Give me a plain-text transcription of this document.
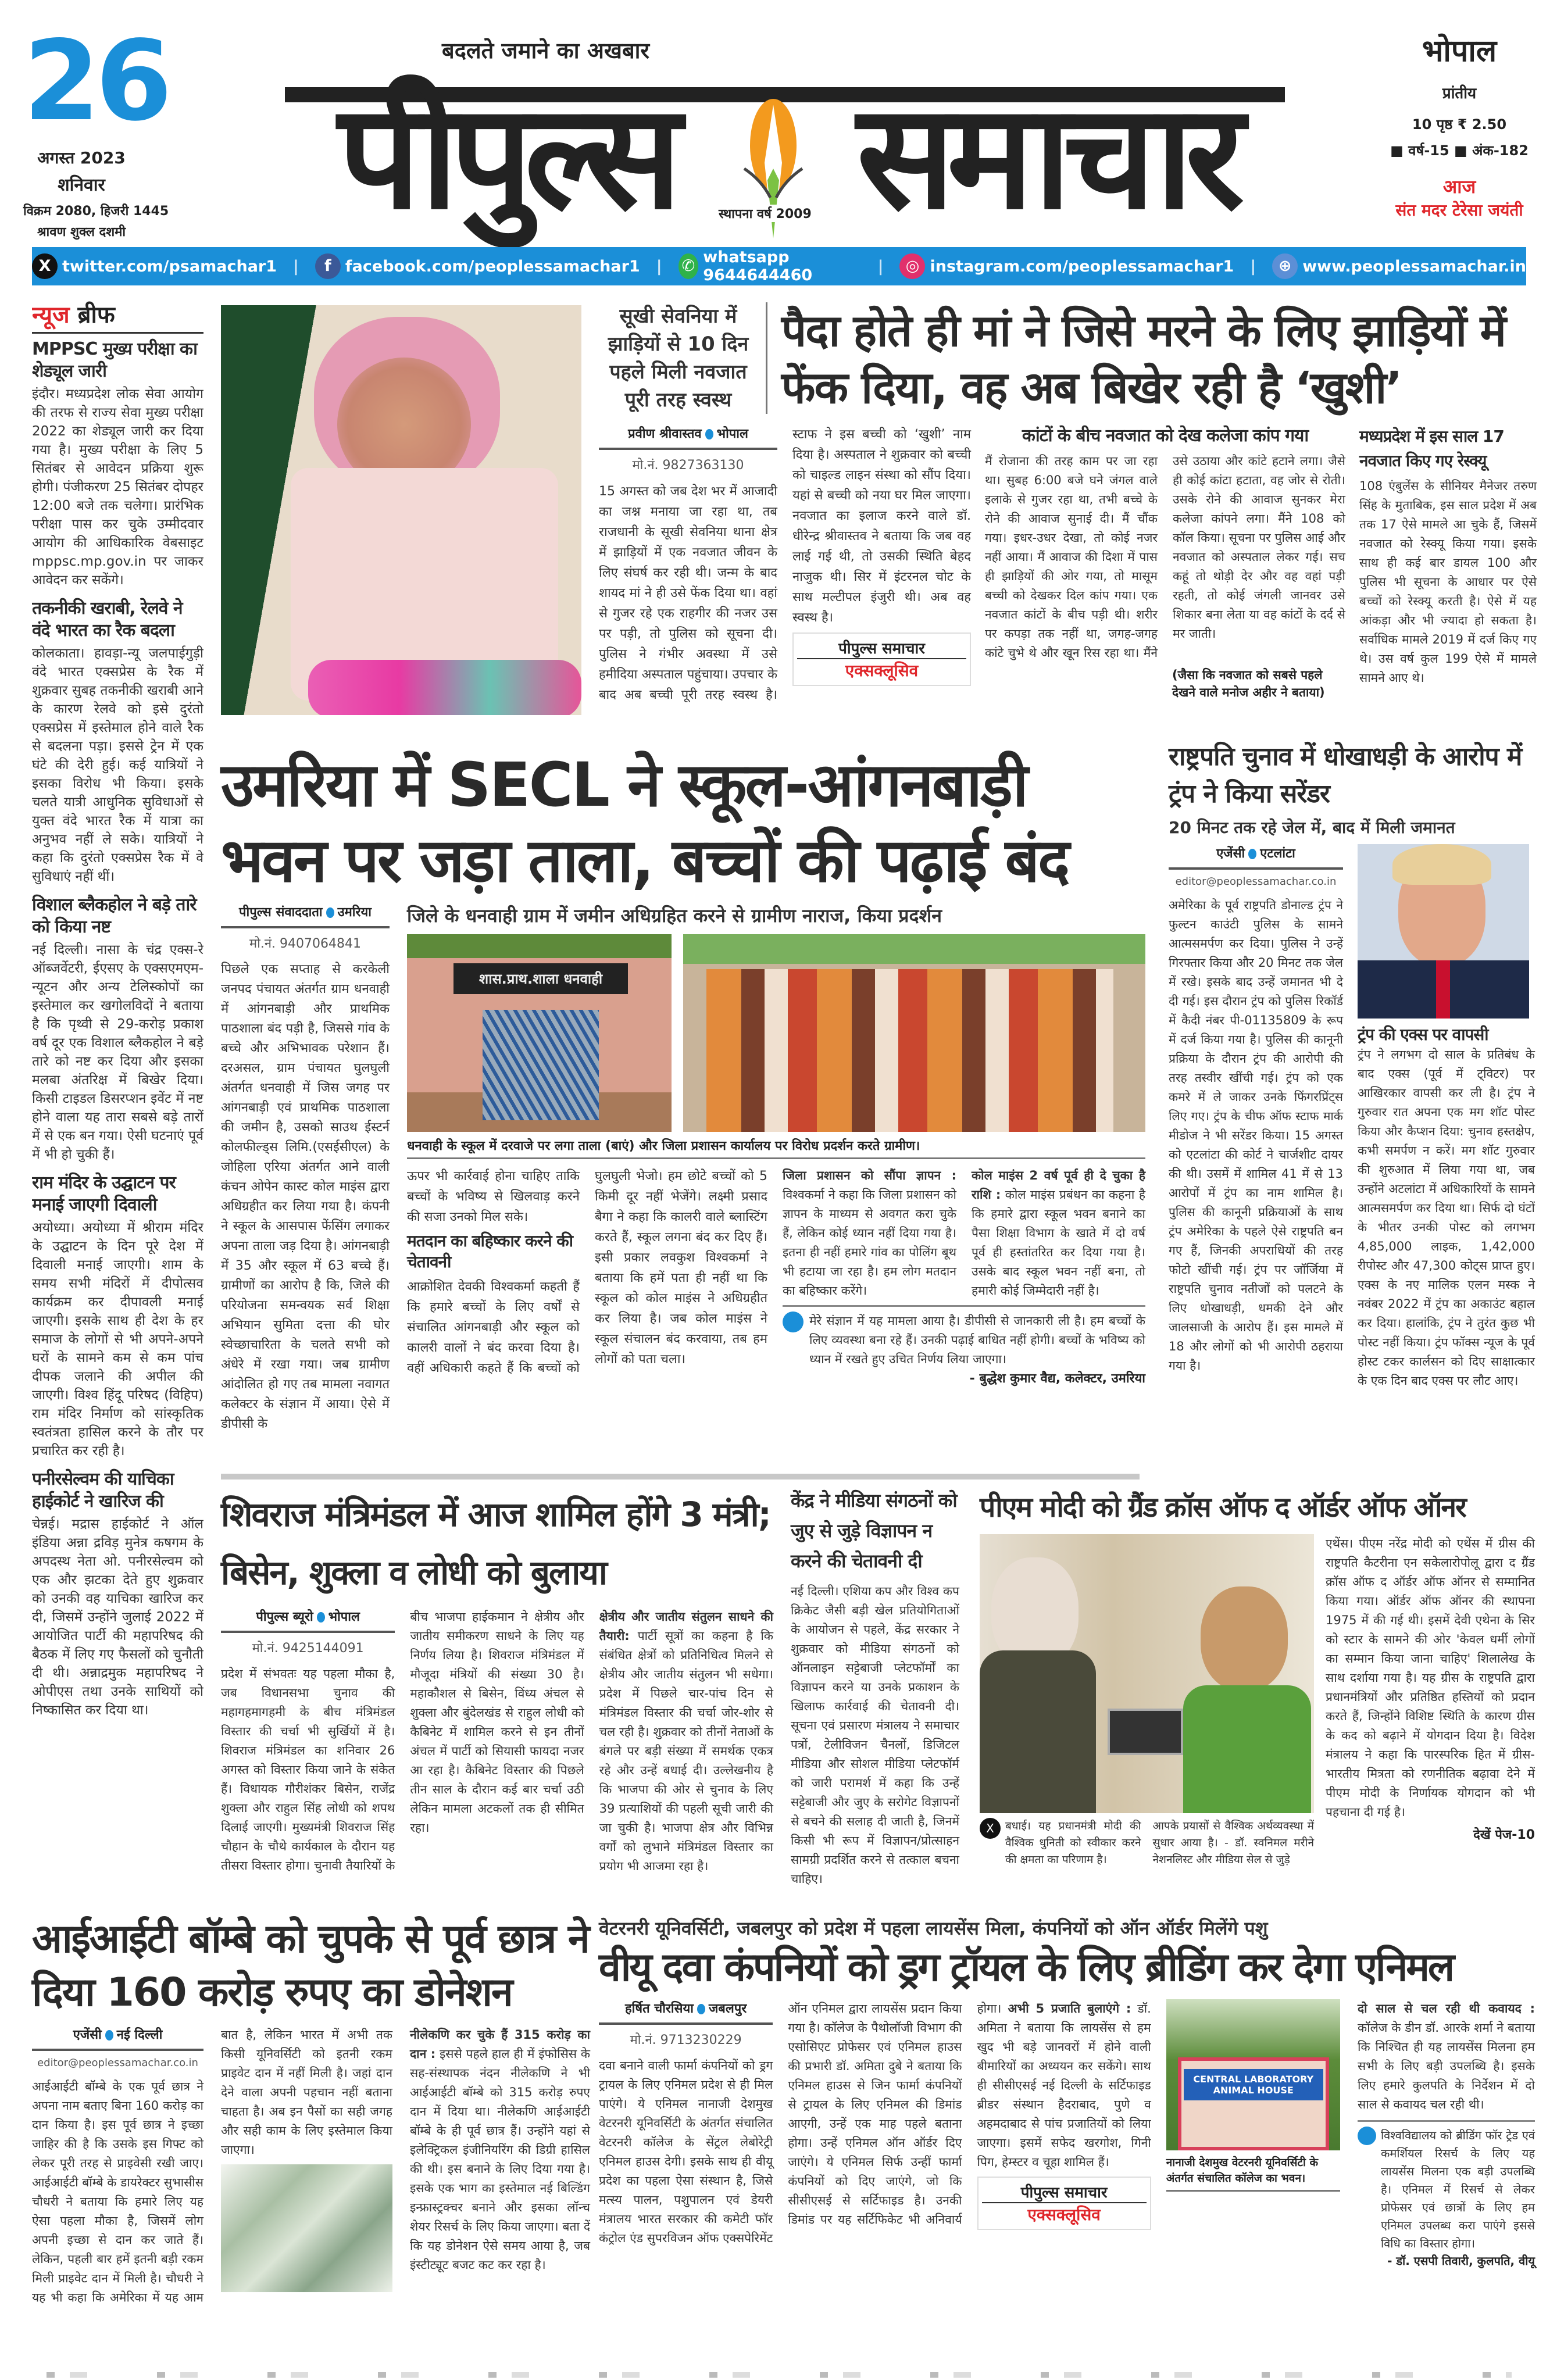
26
अगस्त 2023
शनिवार
विक्रम 2080, हिजरी 1445
श्रावण शुक्ल दशमी
बदलते जमाने का अखबार
पीपुल्स	समाचार
स्थापना वर्ष 2009
भोपाल
प्रांतीय
10 पृष्ठ ₹ 2.50
■ वर्ष-15 ■ अंक-182
आज
संत मदर टेरेसा जयंती
X twitter.com/psamachar1 |	f facebook.com/peoplessamachar1 | ✆ whatsapp 9644644460	|	◎ instagram.com/peoplessamachar1 |	⊕ www.peoplessamachar.in
न्यूज ब्रीफ
MPPSC मुख्य परीक्षा का शेड्यूल जारी
इंदौर। मध्यप्रदेश लोक सेवा आयोग की तरफ से राज्य सेवा मुख्य परीक्षा 2022 का शेड्यूल जारी कर दिया गया है। मुख्य परीक्षा के लिए 5 सितंबर से आवेदन प्रक्रिया शुरू होगी। पंजीकरण 25 सितंबर दोपहर 12:00 बजे तक चलेगा। प्रारंभिक परीक्षा पास कर चुके उम्मीदवार आयोग की आधिकारिक वेबसाइट mppsc.mp.gov.in पर जाकर आवेदन कर सकेंगे।
तकनीकी खराबी, रेलवे ने वंदे भारत का रैक बदला
कोलकाता। हावड़ा-न्यू जलपाईगुड़ी वंदे भारत एक्सप्रेस के रैक में शुक्रवार सुबह तकनीकी खराबी आने के कारण रेलवे को इसे दुरंतो एक्सप्रेस में इस्तेमाल होने वाले रैक से बदलना पड़ा। इससे ट्रेन में एक घंटे की देरी हुई। कई यात्रियों ने इसका विरोध भी किया। इसके चलते यात्री आधुनिक सुविधाओं से युक्त वंदे भारत रैक में यात्रा का अनुभव नहीं ले सके। यात्रियों ने कहा कि दुरंतो एक्सप्रेस रैक में वे सुविधाएं नहीं थीं।
विशाल ब्लैकहोल ने बड़े तारे को किया नष्ट
नई दिल्ली। नासा के चंद्र एक्स-रे ऑब्जर्वेटरी, ईएसए के एक्सएमएम-न्यूटन और अन्य टेलिस्कोपों का इस्तेमाल कर खगोलविदों ने बताया है कि पृथ्वी से 29-करोड़ प्रकाश वर्ष दूर एक विशाल ब्लैकहोल ने बड़े तारे को नष्ट कर दिया और इसका मलबा अंतरिक्ष में बिखेर दिया। किसी टाइडल डिसरप्शन इवेंट में नष्ट होने वाला यह तारा सबसे बड़े तारों में से एक बन गया। ऐसी घटनाएं पूर्व में भी हो चुकी हैं।
राम मंदिर के उद्घाटन पर मनाई जाएगी दिवाली
अयोध्या। अयोध्या में श्रीराम मंदिर के उद्घाटन के दिन पूरे देश में दिवाली मनाई जाएगी। शाम के समय सभी मंदिरों में दीपोत्सव कार्यक्रम कर दीपावली मनाई जाएगी। इसके साथ ही देश के हर समाज के लोगों से भी अपने-अपने घरों के सामने कम से कम पांच दीपक जलाने की अपील की जाएगी। विश्व हिंदू परिषद (विहिप) राम मंदिर निर्माण को सांस्कृतिक स्वतंत्रता हासिल करने के तौर पर प्रचारित कर रही है।
पनीरसेल्वम की याचिका हाईकोर्ट ने खारिज की
चेन्नई। मद्रास हाईकोर्ट ने ऑल इंडिया अन्ना द्रविड़ मुनेत्र कषगम के अपदस्थ नेता ओ. पनीरसेल्वम को एक और झटका देते हुए शुक्रवार को उनकी वह याचिका खारिज कर दी, जिसमें उन्होंने जुलाई 2022 में आयोजित पार्टी की महापरिषद की बैठक में लिए गए फैसलों को चुनौती दी थी। अन्नाद्रमुक महापरिषद ने ओपीएस तथा उनके साथियों को निष्कासित कर दिया था।
सूखी सेवनिया में झाड़ियों से 10 दिन पहले मिली नवजात पूरी तरह स्वस्थ
पैदा होते ही मां ने जिसे मरने के लिए झाड़ियों में फेंक दिया, वह अब बिखेर रही है ‘खुशी’
प्रवीण श्रीवास्तव भोपाल
मो.नं. 9827363130
15 अगस्त को जब देश भर में आजादी का जश्न मनाया जा रहा था, तब राजधानी के सूखी सेवनिया थाना क्षेत्र में झाड़ियों में एक नवजात जीवन के लिए संघर्ष कर रही थी। जन्म के बाद शायद मां ने ही उसे फेंक दिया था। वहां से गुजर रहे एक राहगीर की नजर उस पर पड़ी, तो पुलिस को सूचना दी। पुलिस ने गंभीर अवस्था में उसे हमीदिया अस्पताल पहुंचाया। उपचार के बाद अब बच्ची पूरी तरह स्वस्थ है। स्टाफ ने इस बच्ची को ‘खुशी’ नाम दिया है। अस्पताल ने शुक्रवार को बच्ची को चाइल्ड लाइन संस्था को सौंप दिया। यहां से बच्ची को नया घर मिल जाएगा। नवजात का इलाज करने वाले डॉ. धीरेन्द्र श्रीवास्तव ने बताया कि जब वह लाई गई थी, तो उसकी स्थिति बेहद नाजुक थी। सिर में इंटरनल चोट के साथ मल्टीपल इंजुरी थी। अब वह स्वस्थ है।
पीपुल्स समाचार
एक्सक्लूसिव
कांटों के बीच नवजात को देख कलेजा कांप गया
मैं रोजाना की तरह काम पर जा रहा था। सुबह 6:00 बजे घने जंगल वाले इलाके से गुजर रहा था, तभी बच्चे के रोने की आवाज सुनाई दी। मैं चौंक गया। इधर-उधर देखा, तो कोई नजर नहीं आया। मैं आवाज की दिशा में पास ही झाड़ियों की ओर गया, तो मासूम बच्ची को देखकर दिल कांप गया। एक नवजात कांटों के बीच पड़ी थी। शरीर पर कपड़ा तक नहीं था, जगह-जगह कांटे चुभे थे और खून रिस रहा था। मैंने उसे उठाया और कांटे हटाने लगा। जैसे ही कोई कांटा हटाता, वह जोर से रोती। उसके रोने की आवाज सुनकर मेरा कलेजा कांपने लगा। मैंने 108 को कॉल किया। सूचना पर पुलिस आई और नवजात को अस्पताल लेकर गई। सच कहूं तो थोड़ी देर और वह वहां पड़ी रहती, तो कोई जंगली जानवर उसे शिकार बना लेता या वह कांटों के दर्द से मर जाती।
(जैसा कि नवजात को सबसे पहले देखने वाले मनोज अहीर ने बताया)
मध्यप्रदेश में इस साल 17 नवजात किए गए रेस्क्यू
108 एंबुलेंस के सीनियर मैनेजर तरुण सिंह के मुताबिक, इस साल प्रदेश में अब तक 17 ऐसे मामले आ चुके हैं, जिसमें नवजात को रेस्क्यू किया गया। इसके साथ ही कई बार डायल 100 और पुलिस भी सूचना के आधार पर ऐसे बच्चों को रेस्क्यू करती है। ऐसे में यह आंकड़ा और भी ज्यादा हो सकता है। सर्वाधिक मामले 2019 में दर्ज किए गए थे। उस वर्ष कुल 199 ऐसे में मामले सामने आए थे।
उमरिया में SECL ने स्कूल-आंगनबाड़ी भवन पर जड़ा ताला, बच्चों की पढ़ाई बंद
पीपुल्स संवाददाता उमरिया
मो.नं. 9407064841
पिछले एक सप्ताह से करकेली जनपद पंचायत अंतर्गत ग्राम धनवाही में आंगनबाड़ी और प्राथमिक पाठशाला बंद पड़ी है, जिससे गांव के बच्चे और अभिभावक परेशान हैं। दरअसल, ग्राम पंचायत घुलघुली अंतर्गत धनवाही में जिस जगह पर आंगनबाड़ी एवं प्राथमिक पाठशाला की जमीन है, उसको साउथ ईस्टर्न कोलफील्ड्स लिमि.(एसईसीएल) के जोहिला एरिया अंतर्गत आने वाली कंचन ओपेन कास्ट कोल माइंस द्वारा अधिग्रहीत कर लिया गया है। कंपनी ने स्कूल के आसपास फेंसिंग लगाकर अपना ताला जड़ दिया है। आंगनबाड़ी में 35 और स्कूल में 63 बच्चे हैं। ग्रामीणों का आरोप है कि, जिले की परियोजना समन्वयक सर्व शिक्षा अभियान सुमिता दत्ता की घोर स्वेच्छाचारिता के चलते सभी को अंधेरे में रखा गया। जब ग्रामीण आंदोलित हो गए तब मामला नवागत कलेक्टर के संज्ञान में आया। ऐसे में डीपीसी के
जिले के धनवाही ग्राम में जमीन अधिग्रहित करने से ग्रामीण नाराज, किया प्रदर्शन
शास.प्राथ.शाला धनवाही
धनवाही के स्कूल में दरवाजे पर लगा ताला (बाएं) और जिला प्रशासन कार्यालय पर विरोध प्रदर्शन करते ग्रामीण।
ऊपर भी कार्रवाई होना चाहिए ताकि बच्चों के भविष्य से खिलवाड़ करने की सजा उनको मिल सके।
मतदान का बहिष्कार करने की चेतावनी
आक्रोशित देवकी विश्वकर्मा कहती हैं कि हमारे बच्चों के लिए वर्षों से संचालित आंगनबाड़ी और स्कूल को कालरी वालों ने बंद करवा दिया है। वहीं अधिकारी कहते हैं कि बच्चों को घुलघुली भेजो। हम छोटे बच्चों को 5 किमी दूर नहीं भेजेंगे। लक्ष्मी प्रसाद बैगा ने कहा कि कालरी वाले ब्लास्टिंग करते हैं, स्कूल लगना बंद कर दिए हैं। इसी प्रकार लवकुश विश्वकर्मा ने बताया कि हमें पता ही नहीं था कि स्कूल को कोल माइंस ने अधिग्रहीत कर लिया है। जब कोल माइंस ने स्कूल संचालन बंद करवाया, तब हम लोगों को पता चला।
जिला प्रशासन को सौंपा ज्ञापन : विश्वकर्मा ने कहा कि जिला प्रशासन को ज्ञापन के माध्यम से अवगत करा चुके हैं, लेकिन कोई ध्यान नहीं दिया गया है। इतना ही नहीं हमारे गांव का पोलिंग बूथ भी हटाया जा रहा है। हम लोग मतदान का बहिष्कार करेंगे।
कोल माइंस 2 वर्ष पूर्व ही दे चुका है राशि : कोल माइंस प्रबंधन का कहना है कि हमारे द्वारा स्कूल भवन बनाने का पैसा शिक्षा विभाग के खाते में दो वर्ष पूर्व ही हस्तांतरित कर दिया गया है। उसके बाद स्कूल भवन नहीं बना, तो हमारी कोई जिम्मेदारी नहीं है।
मेरे संज्ञान में यह मामला आया है। डीपीसी से जानकारी ली है। हम बच्चों के लिए व्यवस्था बना रहे हैं। उनकी पढ़ाई बाधित नहीं होगी। बच्चों के भविष्य को ध्यान में रखते हुए उचित निर्णय लिया जाएगा।
- बुद्धेश कुमार वैद्य, कलेक्टर, उमरिया
राष्ट्रपति चुनाव में धोखाधड़ी के आरोप में ट्रंप ने किया सरेंडर
20 मिनट तक रहे जेल में, बाद में मिली जमानत
एजेंसी एटलांटा
editor@peoplessamachar.co.in
अमेरिका के पूर्व राष्ट्रपति डोनाल्ड ट्रंप ने फुल्टन काउंटी पुलिस के सामने आत्मसमर्पण कर दिया। पुलिस ने उन्हें गिरफ्तार किया और 20 मिनट तक जेल में रखे। इसके बाद उन्हें जमानत भी दे दी गई। इस दौरान ट्रंप को पुलिस रिकॉर्ड में कैदी नंबर पी-01135809 के रूप में दर्ज किया गया है। पुलिस की कानूनी प्रक्रिया के दौरान ट्रंप की आरोपी की तरह तस्वीर खींची गई। ट्रंप को एक कमरे में ले जाकर उनके फिंगरप्रिंट्स लिए गए। ट्रंप के चीफ ऑफ स्टाफ मार्क मीडोज ने भी सरेंडर किया। 15 अगस्त को एटलांटा की कोर्ट ने चार्जशीट दायर की थी। उसमें में शामिल 41 में से 13 आरोपों में ट्रंप का नाम शामिल है। पुलिस की कानूनी प्रक्रियाओं के साथ ट्रंप अमेरिका के पहले ऐसे राष्ट्रपति बन गए हैं, जिनकी अपराधियों की तरह फोटो खींची गई। ट्रंप पर जॉर्जिया में राष्ट्रपति चुनाव नतीजों को पलटने के लिए धोखाधड़ी, धमकी देने और जालसाजी के आरोप हैं। इस मामले में 18 और लोगों को भी आरोपी ठहराया गया है।
ट्रंप की एक्स पर वापसी
ट्रंप ने लगभग दो साल के प्रतिबंध के बाद एक्स (पूर्व में ट्विटर) पर आखिरकार वापसी कर ली है। ट्रंप ने गुरुवार रात अपना एक मग शॉट पोस्ट किया और कैप्शन दिया: चुनाव हस्तक्षेप, कभी समर्पण न करें। मग शॉट गुरुवार की शुरुआत में लिया गया था, जब उन्होंने अटलांटा में अधिकारियों के सामने आत्मसमर्पण कर दिया था। सिर्फ दो घंटों के भीतर उनकी पोस्ट को लगभग 4,85,000 लाइक, 1,42,000 रीपोस्ट और 47,300 कोट्स प्राप्त हुए। एक्स के नए मालिक एलन मस्क ने नवंबर 2022 में ट्रंप का अकाउंट बहाल कर दिया। हालांकि, ट्रंप ने तुरंत कुछ भी पोस्ट नहीं किया। ट्रंप फॉक्स न्यूज के पूर्व होस्ट टकर कार्लसन को दिए साक्षात्कार के एक दिन बाद एक्स पर लौट आए।
शिवराज मंत्रिमंडल में आज शामिल होंगे 3 मंत्री; बिसेन, शुक्ला व लोधी को बुलाया
पीपुल्स ब्यूरो भोपाल
मो.नं. 9425144091
प्रदेश में संभवतः यह पहला मौका है, जब विधानसभा चुनाव की महागहमागहमी के बीच मंत्रिमंडल विस्तार की चर्चा भी सुर्खियों में है। शिवराज मंत्रिमंडल का शनिवार 26 अगस्त को विस्तार किया जाने के संकेत हैं। विधायक गौरीशंकर बिसेन, राजेंद्र शुक्ला और राहुल सिंह लोधी को शपथ दिलाई जाएगी। मुख्यमंत्री शिवराज सिंह चौहान के चौथे कार्यकाल के दौरान यह तीसरा विस्तार होगा। चुनावी तैयारियों के बीच भाजपा हाईकमान ने क्षेत्रीय और जातीय समीकरण साधने के लिए यह निर्णय लिया है। शिवराज मंत्रिमंडल में मौजूदा मंत्रियों की संख्या 30 है। महाकौशल से बिसेन, विंध्य अंचल से शुक्ला और बुंदेलखंड से राहुल लोधी को कैबिनेट में शामिल करने से इन तीनों अंचल में पार्टी को सियासी फायदा नजर आ रहा है। कैबिनेट विस्तार की पिछले तीन साल के दौरान कई बार चर्चा उठी लेकिन मामला अटकलों तक ही सीमित रहा।
क्षेत्रीय और जातीय संतुलन साधने की तैयारी: पार्टी सूत्रों का कहना है कि संबंधित क्षेत्रों को प्रतिनिधित्व मिलने से क्षेत्रीय और जातीय संतुलन भी सधेगा। प्रदेश में पिछले चार-पांच दिन से मंत्रिमंडल विस्तार की चर्चा जोर-शोर से चल रही है। शुक्रवार को तीनों नेताओं के बंगले पर बड़ी संख्या में समर्थक एकत्र रहे और उन्हें बधाई दी। उल्लेखनीय है कि भाजपा की ओर से चुनाव के लिए 39 प्रत्याशियों की पहली सूची जारी की जा चुकी है। भाजपा क्षेत्र और विभिन्न वर्गों को लुभाने मंत्रिमंडल विस्तार का प्रयोग भी आजमा रहा है।
केंद्र ने मीडिया संगठनों को जुए से जुड़े विज्ञापन न करने की चेतावनी दी
नई दिल्ली। एशिया कप और विश्व कप क्रिकेट जैसी बड़ी खेल प्रतियोगिताओं के आयोजन से पहले, केंद्र सरकार ने शुक्रवार को मीडिया संगठनों को ऑनलाइन सट्टेबाजी प्लेटफॉर्मों का विज्ञापन करने या उनके प्रकाशन के खिलाफ कार्रवाई की चेतावनी दी। सूचना एवं प्रसारण मंत्रालय ने समाचार पत्रों, टेलीविजन चैनलों, डिजिटल मीडिया और सोशल मीडिया प्लेटफॉर्म को जारी परामर्श में कहा कि उन्हें सट्टेबाजी और जुए के सरोगेट विज्ञापनों से बचने की सलाह दी जाती है, जिनमें किसी भी रूप में विज्ञापन/प्रोत्साहन सामग्री प्रदर्शित करने से तत्काल बचना चाहिए।
पीएम मोदी को ग्रैंड क्रॉस ऑफ द ऑर्डर ऑफ ऑनर
X	बधाई। यह प्रधानमंत्री मोदी की वैश्विक धुनिती को स्वीकार करने की क्षमता का परिणाम है।
आपके प्रयासों से वैश्विक अर्थव्यवस्था में सुधार आया है। - डॉ. स्वनिमल मरीने नेशनलिस्ट और मीडिया सेल से जुड़े
एथेंस। पीएम नरेंद्र मोदी को एथेंस में ग्रीस की राष्ट्रपति कैटरीना एन सकेलारोपोलू द्वारा द ग्रैंड क्रॉस ऑफ द ऑर्डर ऑफ ऑनर से सम्मानित किया गया। ऑर्डर ऑफ ऑनर की स्थापना 1975 में की गई थी। इसमें देवी एथेना के सिर को स्टार के सामने की ओर 'केवल धर्मी लोगों का सम्मान किया जाना चाहिए' शिलालेख के साथ दर्शाया गया है। यह ग्रीस के राष्ट्रपति द्वारा प्रधानमंत्रियों और प्रतिष्ठित हस्तियों को प्रदान करते हैं, जिन्होंने विशिष्ट स्थिति के कारण ग्रीस के कद को बढ़ाने में योगदान दिया है। विदेश मंत्रालय ने कहा कि पारस्परिक हित में ग्रीस-भारतीय मित्रता को रणनीतिक बढ़ावा देने में पीएम मोदी के निर्णायक योगदान को भी पहचाना दी गई है।
देखें पेज-10
आईआईटी बॉम्बे को चुपके से पूर्व छात्र ने दिया 160 करोड़ रुपए का डोनेशन
एजेंसी नई दिल्ली
editor@peoplessamachar.co.in
आईआईटी बॉम्बे के एक पूर्व छात्र ने अपना नाम बताए बिना 160 करोड़ का दान किया है। इस पूर्व छात्र ने इच्छा जाहिर की है कि उसके इस गिफ्ट को लेकर पूरी तरह से प्राइवेसी रखी जाए। आईआईटी बॉम्बे के डायरेक्टर सुभासीस चौधरी ने बताया कि हमारे लिए यह ऐसा पहला मौका है, जिसमें लोग अपनी इच्छा से दान कर जाते हैं। लेकिन, पहली बार हमें इतनी बड़ी रकम मिली प्राइवेट दान में मिली है। चौधरी ने यह भी कहा कि अमेरिका में यह आम बात है, लेकिन भारत में अभी तक किसी यूनिवर्सिटी को इतनी रकम प्राइवेट दान में नहीं मिली है। जहां दान देने वाला अपनी पहचान नहीं बताना चाहता है। अब इन पैसों का सही जगह और सही काम के लिए इस्तेमाल किया जाएगा।
नीलेकणि कर चुके हैं 315 करोड़ का दान : इससे पहले हाल ही में इंफोसिस के सह-संस्थापक नंदन नीलेकणि ने भी आईआईटी बॉम्बे को 315 करोड़ रुपए दान में दिया था। नीलेकणि आईआईटी बॉम्बे के ही पूर्व छात्र हैं। उन्होंने यहां से इलेक्ट्रिकल इंजीनियरिंग की डिग्री हासिल की थी। इस बनाने के लिए दिया गया है। इसके एक भाग का इस्तेमाल नई बिल्डिंग इन्फ्रास्ट्रक्चर बनाने और इसका लॉन्च शेयर रिसर्च के लिए किया जाएगा। बता दें कि यह डोनेशन ऐसे समय आया है, जब इंस्टीट्यूट बजट कट कर रहा है।
वेटरनरी यूनिवर्सिटी, जबलपुर को प्रदेश में पहला लायसेंस मिला, कंपनियों को ऑन ऑर्डर मिलेंगे पशु
वीयू दवा कंपनियों को ड्रग ट्रॉयल के लिए ब्रीडिंग कर देगा एनिमल
हर्षित चौरसिया जबलपुर
मो.नं. 9713230229
दवा बनाने वाली फार्मा कंपनियों को ड्रग ट्रायल के लिए एनिमल प्रदेश से ही मिल पाएंगे। ये एनिमल नानाजी देशमुख वेटरनरी यूनिवर्सिटी के अंतर्गत संचालित वेटरनरी कॉलेज के सेंट्रल लेबोरेट्री एनिमल हाउस देगी। इसके साथ ही वीयू प्रदेश का पहला ऐसा संस्थान है, जिसे मत्स्य पालन, पशुपालन एवं डेयरी मंत्रालय भारत सरकार की कमेटी फॉर कंट्रोल एंड सुपरविजन ऑफ एक्सपेरिमेंट ऑन एनिमल द्वारा लायसेंस प्रदान किया गया है। कॉलेज के पैथोलॉजी विभाग की एसोसिएट प्रोफेसर एवं एनिमल हाउस की प्रभारी डॉ. अमिता दुबे ने बताया कि एनिमल हाउस से जिन फार्मा कंपनियों से ट्रायल के लिए एनिमल की डिमांड आएगी, उन्हें एक माह पहले बताना होगा। उन्हें एनिमल ऑन ऑर्डर दिए जाएंगे। ये एनिमल सिर्फ उन्हीं फार्मा कंपनियों को दिए जाएंगे, जो कि सीसीएसई से सर्टिफाइड है। उनकी डिमांड पर यह सर्टिफिकेट भी अनिवार्य होगा। अभी 5 प्रजाति बुलाएंगे : डॉ. अमिता ने बताया कि लायसेंस से हम खुद भी बड़े जानवरों में होने वाली बीमारियों का अध्ययन कर सकेंगे। साथ ही सीसीएसई नई दिल्ली के सर्टिफाइड ब्रीडर संस्थान हैदराबाद, पुणे व अहमदाबाद से पांच प्रजातियों को लिया जाएगा। इसमें सफेद खरगोश, गिनी पिग, हेम्स्टर व चूहा शामिल हैं।
पीपुल्स समाचार
एक्सक्लूसिव
CENTRAL LABORATORY ANIMAL HOUSE
नानाजी देशमुख वेटरनरी यूनिवर्सिटी के अंतर्गत संचालित कॉलेज का भवन।
दो साल से चल रही थी कवायद : कॉलेज के डीन डॉ. आरके शर्मा ने बताया कि निश्चित ही यह लायसेंस मिलना हम सभी के लिए बड़ी उपलब्धि है। इसके लिए हमारे कुलपति के निर्देशन में दो साल से कवायद चल रही थी।
विश्वविद्यालय को ब्रीडिंग फॉर ट्रेड एवं कमर्शियल रिसर्च के लिए यह लायसेंस मिलना एक बड़ी उपलब्धि है। एनिमल में रिसर्च से लेकर प्रोफेसर एवं छात्रों के लिए हम एनिमल उपलब्ध करा पाएंगे इससे विधि का विस्तार होगा।
- डॉ. एसपी तिवारी, कुलपति, वीयू
